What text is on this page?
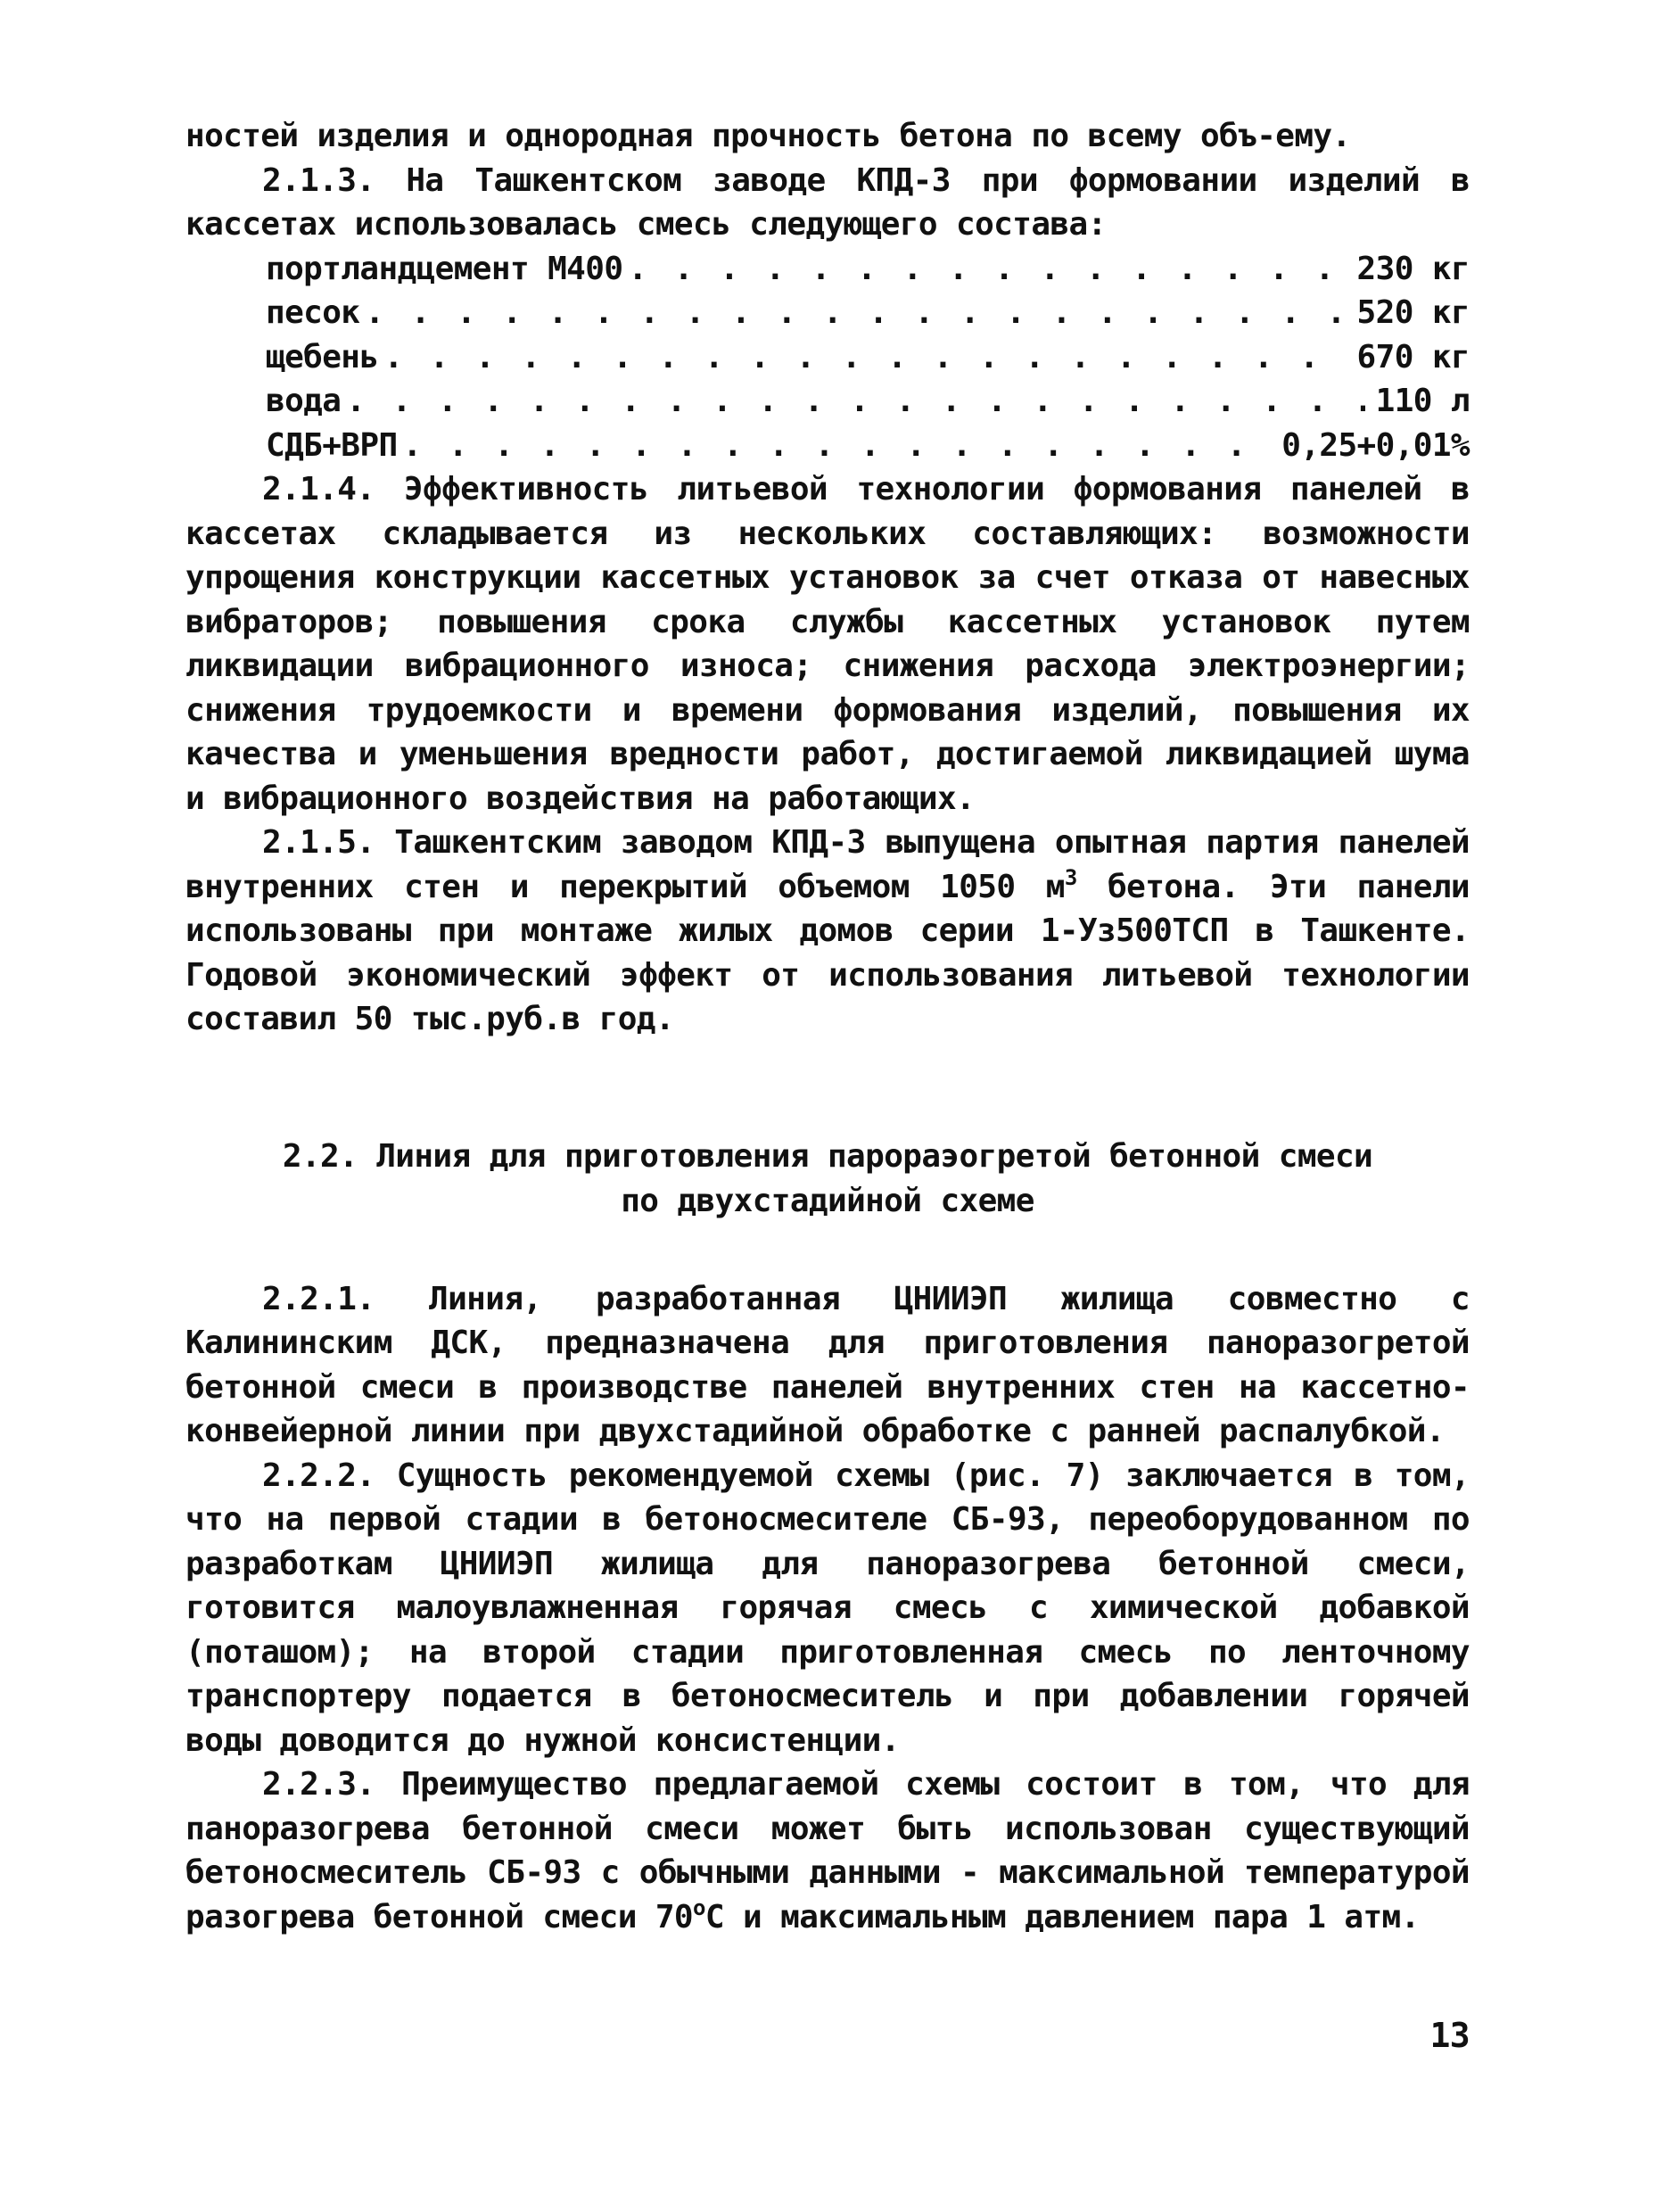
ностей изделия и однородная прочность бетона по всему объ-ему.

2.1.3. На Ташкентском заводе КПД-3 при формовании изделий в кассетах использовалась смесь следующего состава:

портландцемент М400 . . .	230 кг
песок . . .	520 кг
щебень . . .	670 кг
вода . . .	110 л
СДБ+ВРП . . .	0,25+0,01%

2.1.4. Эффективность литьевой технологии формования панелей в кассетах складывается из нескольких составляющих: возможности упрощения конструкции кассетных установок за счет отказа от навесных вибраторов; повышения срока службы кассетных установок путем ликвидации вибрационного износа; снижения расхода электроэнергии; снижения трудоемкости и времени формования изделий, повышения их качества и уменьшения вредности работ, достигаемой ликвидацией шума и вибрационного воздействия на работающих.

2.1.5. Ташкентским заводом КПД-3 выпущена опытная партия панелей внутренних стен и перекрытий объемом 1050 $м^3$ бетона. Эти панели использованы при монтаже жилых домов серии 1-Уз500ТСП в Ташкенте. Годовой экономический эффект от использования литьевой технологии составил 50 тыс.руб.в год.

2.2. Линия для приготовления парораэогретой бетонной смеси
по двухстадийной схеме

2.2.1. Линия, разработанная ЦНИИЭП жилища совместно с Калининским ДСК, предназначена для приготовления паноразогретой бетонной смеси в производстве панелей внутренних стен на кассетно-конвейерной линии при двухстадийной обработке с ранней распалубкой.

2.2.2. Сущность рекомендуемой схемы (рис. 7) заключается в том, что на первой стадии в бетоносмесителе СБ-93, переоборудованном по разработкам ЦНИИЭП жилища для паноразогрева бетонной смеси, готовится малоувлажненная горячая смесь с химической добавкой (поташом); на второй стадии приготовленная смесь по ленточному транспортеру подается в бетоносмеситель и при добавлении горячей воды доводится до нужной консистенции.

2.2.3. Преимущество предлагаемой схемы состоит в том, что для паноразогрева бетонной смеси может быть использован существующий бетоносмеситель СБ-93 с обычными данными - максимальной температурой разогрева бетонной смеси $70^оС$ и максимальным давлением пара 1 атм.

13
